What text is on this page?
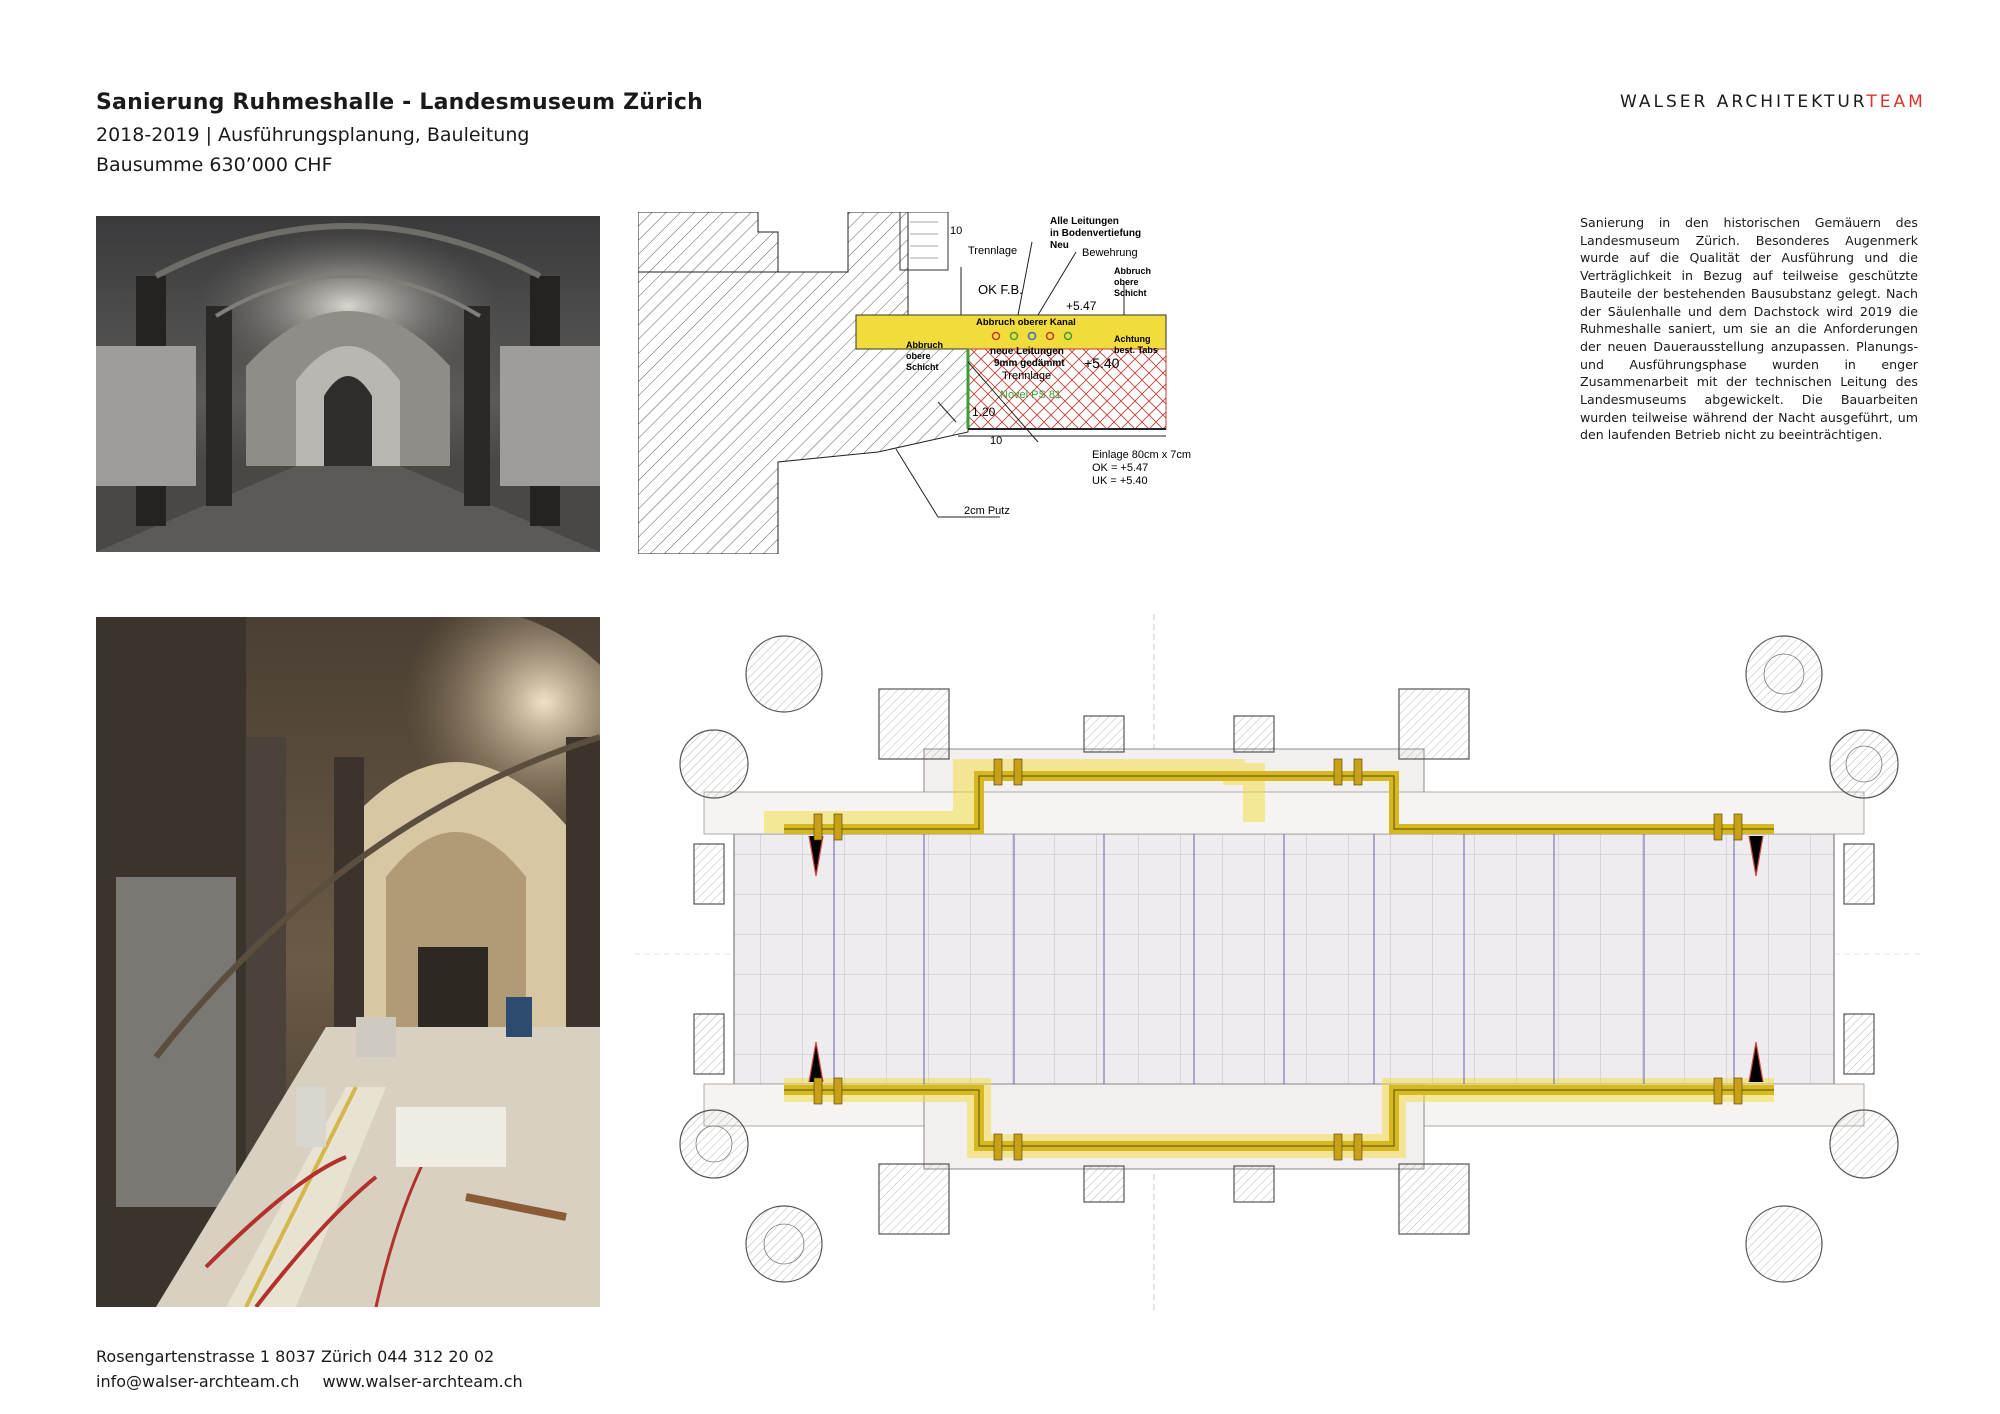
Sanierung Ruhmeshalle - Landesmuseum Zürich
2018-2019 | Ausführungsplanung, Bauleitung
Bausumme 630’000 CHF
WALSER ARCHITEKTURTEAM
Alle Leitungen
in Bodenvertiefung
Neu
10
Trennlage	Bewehrung
OK F.B.
Abbruch
obere
Schicht
+5.47
Abbruch oberer Kanal
Achtung
best. Tabs
Abbruch
obere
Schicht
neue Leitungen
9mm gedämmt
Trennlage
+5.40
Novel PS 81
1.20
10
Einlage 80cm x 7cm
OK = +5.47
UK = +5.40
2cm Putz
Sanierung in den historischen Gemäuern des Landesmuseum Zürich. Besonderes Augenmerk wurde auf die Qualität der Ausführung und die Verträglichkeit in Bezug auf teilweise geschützte Bauteile der bestehenden Bausubstanz gelegt. Nach der Säulenhalle und dem Dachstock wird 2019 die Ruhmeshalle saniert, um sie an die Anforderungen der neuen Dauerausstellung anzupassen. Planungs- und Ausführungsphase wurden in enger Zusammenarbeit mit der technischen Leitung des Landesmuseums abgewickelt. Die Bauarbeiten wurden teilweise während der Nacht ausgeführt, um den laufenden Betrieb nicht zu beeinträchtigen.
Rosengartenstrasse 1 8037 Zürich 044 312 20 02
info@walser-archteam.ch www.walser-archteam.ch
